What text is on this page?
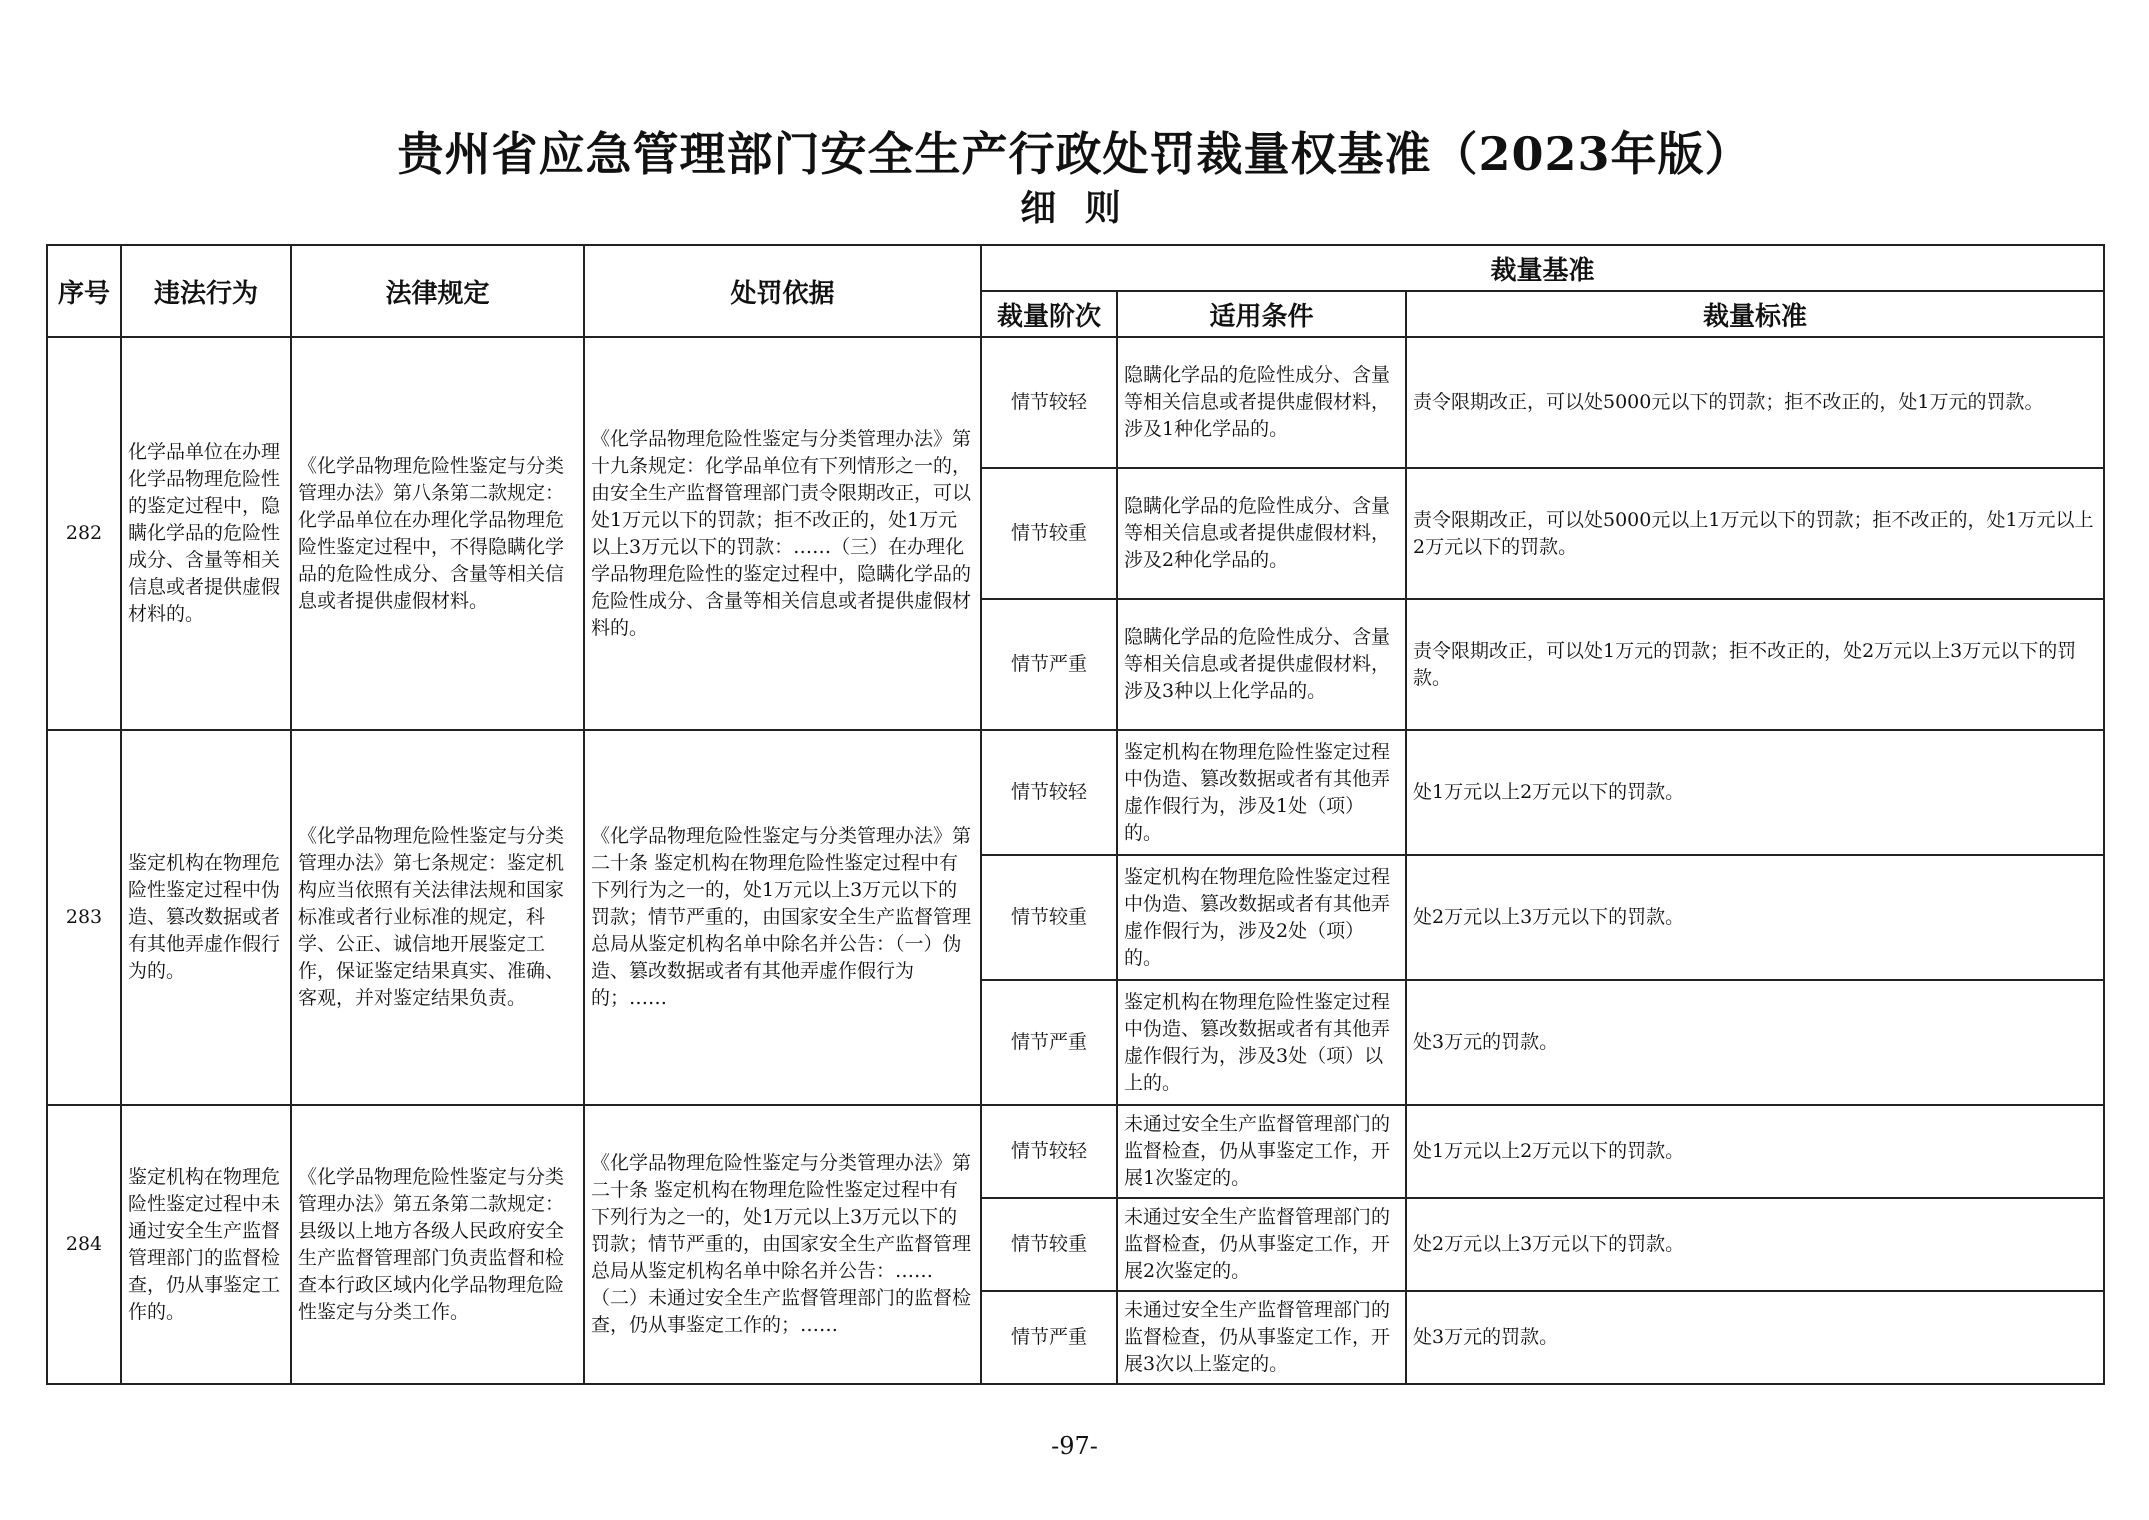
贵州省应急管理部门安全生产行政处罚裁量权基准（2023年版）
细 则
序号	违法行为	法律规定	处罚依据	裁量基准		
				裁量阶次	适用条件	裁量标准
282	化学品单位在办理化学品物理危险性的鉴定过程中，隐瞒化学品的危险性成分、含量等相关信息或者提供虚假材料的。	《化学品物理危险性鉴定与分类管理办法》第八条第二款规定：化学品单位在办理化学品物理危险性鉴定过程中，不得隐瞒化学品的危险性成分、含量等相关信息或者提供虚假材料。	《化学品物理危险性鉴定与分类管理办法》第十九条规定：化学品单位有下列情形之一的，由安全生产监督管理部门责令限期改正，可以处1万元以下的罚款；拒不改正的，处1万元以上3万元以下的罚款：……（三）在办理化学品物理危险性的鉴定过程中，隐瞒化学品的危险性成分、含量等相关信息或者提供虚假材料的。	情节较轻	隐瞒化学品的危险性成分、含量等相关信息或者提供虚假材料，涉及1种化学品的。	责令限期改正，可以处5000元以下的罚款；拒不改正的，处1万元的罚款。
				情节较重	隐瞒化学品的危险性成分、含量等相关信息或者提供虚假材料，涉及2种化学品的。	责令限期改正，可以处5000元以上1万元以下的罚款；拒不改正的，处1万元以上2万元以下的罚款。
				情节严重	隐瞒化学品的危险性成分、含量等相关信息或者提供虚假材料，涉及3种以上化学品的。	责令限期改正，可以处1万元的罚款；拒不改正的，处2万元以上3万元以下的罚款。
283	鉴定机构在物理危险性鉴定过程中伪造、篡改数据或者有其他弄虚作假行为的。	《化学品物理危险性鉴定与分类管理办法》第七条规定：鉴定机构应当依照有关法律法规和国家标准或者行业标准的规定，科学、公正、诚信地开展鉴定工作，保证鉴定结果真实、准确、客观，并对鉴定结果负责。	《化学品物理危险性鉴定与分类管理办法》第二十条 鉴定机构在物理危险性鉴定过程中有下列行为之一的，处1万元以上3万元以下的罚款；情节严重的，由国家安全生产监督管理总局从鉴定机构名单中除名并公告：（一）伪造、篡改数据或者有其他弄虚作假行为的；……	情节较轻	鉴定机构在物理危险性鉴定过程中伪造、篡改数据或者有其他弄虚作假行为，涉及1处（项）的。	处1万元以上2万元以下的罚款。
				情节较重	鉴定机构在物理危险性鉴定过程中伪造、篡改数据或者有其他弄虚作假行为，涉及2处（项）的。	处2万元以上3万元以下的罚款。
				情节严重	鉴定机构在物理危险性鉴定过程中伪造、篡改数据或者有其他弄虚作假行为，涉及3处（项）以上的。	处3万元的罚款。
284	鉴定机构在物理危险性鉴定过程中未通过安全生产监督管理部门的监督检查，仍从事鉴定工作的。	《化学品物理危险性鉴定与分类管理办法》第五条第二款规定：县级以上地方各级人民政府安全生产监督管理部门负责监督和检查本行政区域内化学品物理危险性鉴定与分类工作。	《化学品物理危险性鉴定与分类管理办法》第二十条 鉴定机构在物理危险性鉴定过程中有下列行为之一的，处1万元以上3万元以下的罚款；情节严重的，由国家安全生产监督管理总局从鉴定机构名单中除名并公告：……（二）未通过安全生产监督管理部门的监督检查，仍从事鉴定工作的；……	情节较轻	未通过安全生产监督管理部门的监督检查，仍从事鉴定工作，开展1次鉴定的。	处1万元以上2万元以下的罚款。
				情节较重	未通过安全生产监督管理部门的监督检查，仍从事鉴定工作，开展2次鉴定的。	处2万元以上3万元以下的罚款。
				情节严重	未通过安全生产监督管理部门的监督检查，仍从事鉴定工作，开展3次以上鉴定的。	处3万元的罚款。
-97-
